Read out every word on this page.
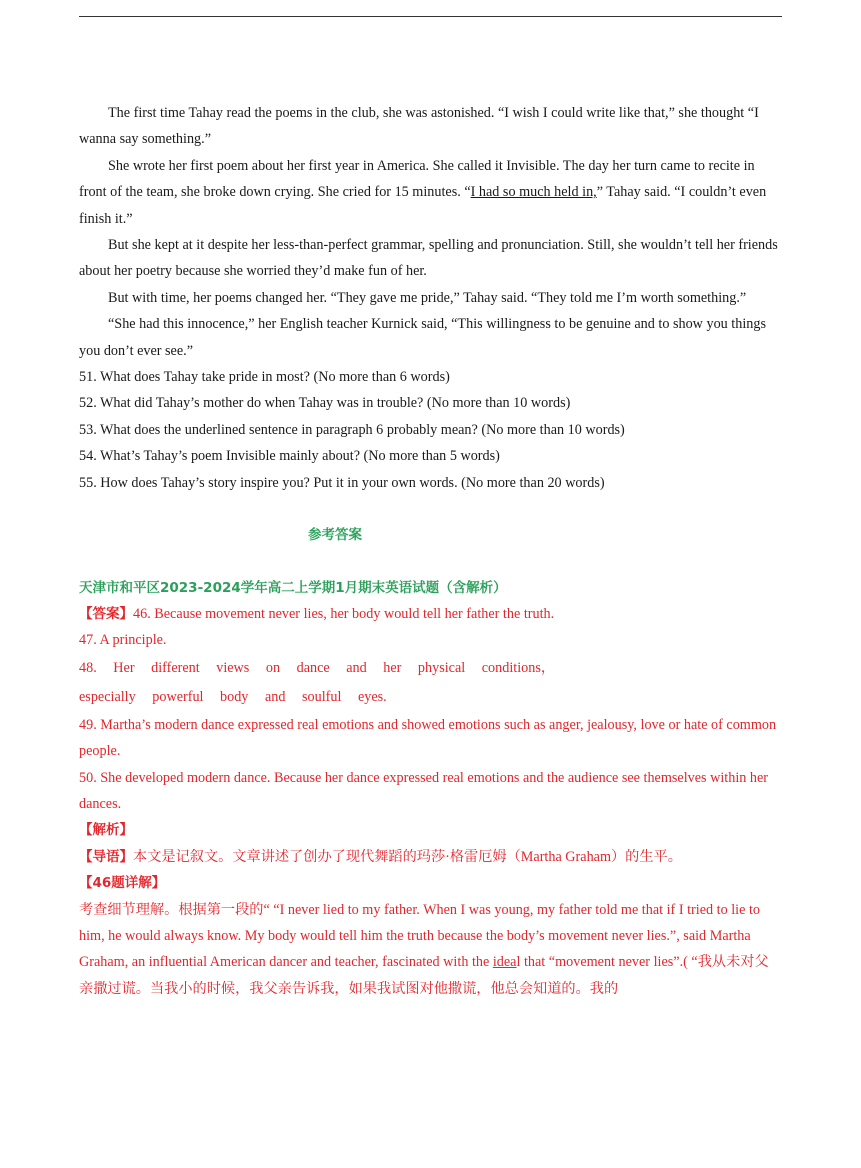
The first time Tahay read the poems in the club, she was astonished. “I wish I could write like that,” she thought “I wanna say something.”

She wrote her first poem about her first year in America. She called it Invisible. The day her turn came to recite in front of the team, she broke down crying. She cried for 15 minutes. “I had so much held in,” Tahay said. “I couldn’t even finish it.”

But she kept at it despite her less-than-perfect grammar, spelling and pronunciation. Still, she wouldn’t tell her friends about her poetry because she worried they’d make fun of her.

But with time, her poems changed her. “They gave me pride,” Tahay said. “They told me I’m worth something.”

“She had this innocence,” her English teacher Kurnick said, “This willingness to be genuine and to show you things you don’t ever see.”

51. What does Tahay take pride in most? (No more than 6 words)

52. What did Tahay’s mother do when Tahay was in trouble? (No more than 10 words)

53. What does the underlined sentence in paragraph 6 probably mean? (No more than 10 words)

54. What’s Tahay’s poem Invisible mainly about? (No more than 5 words)

55. How does Tahay’s story inspire you? Put it in your own words. (No more than 20 words)

参考答案

天津市和平区2023-2024学年高二上学期1月期末英语试题（含解析）

【答案】46. Because movement never lies, her body would tell her father the truth.

47. A principle.

48. Her different views on dance and her physical conditions，

especially powerful body and soulful eyes.

49. Martha’s modern dance expressed real emotions and showed emotions such as anger, jealousy, love or hate of common people.

50. She developed modern dance. Because her dance expressed real emotions and the audience see themselves within her dances.

【解析】

【导语】本文是记叙文。文章讲述了创办了现代舞蹈的玛莎·格雷厄姆（Martha Graham）的生平。

【46题详解】

考查细节理解。根据第一段的“ “I never lied to my father. When I was young, my father told me that if I tried to lie to him, he would always know. My body would tell him the truth because the body’s movement never lies.”, said Martha Graham, an influential American dancer and teacher, fascinated with the ideal that “movement never lies”.( “我从未对父亲撒过谎。当我小的时候，我父亲告诉我，如果我试图对他撒谎，他总会知道的。我的
